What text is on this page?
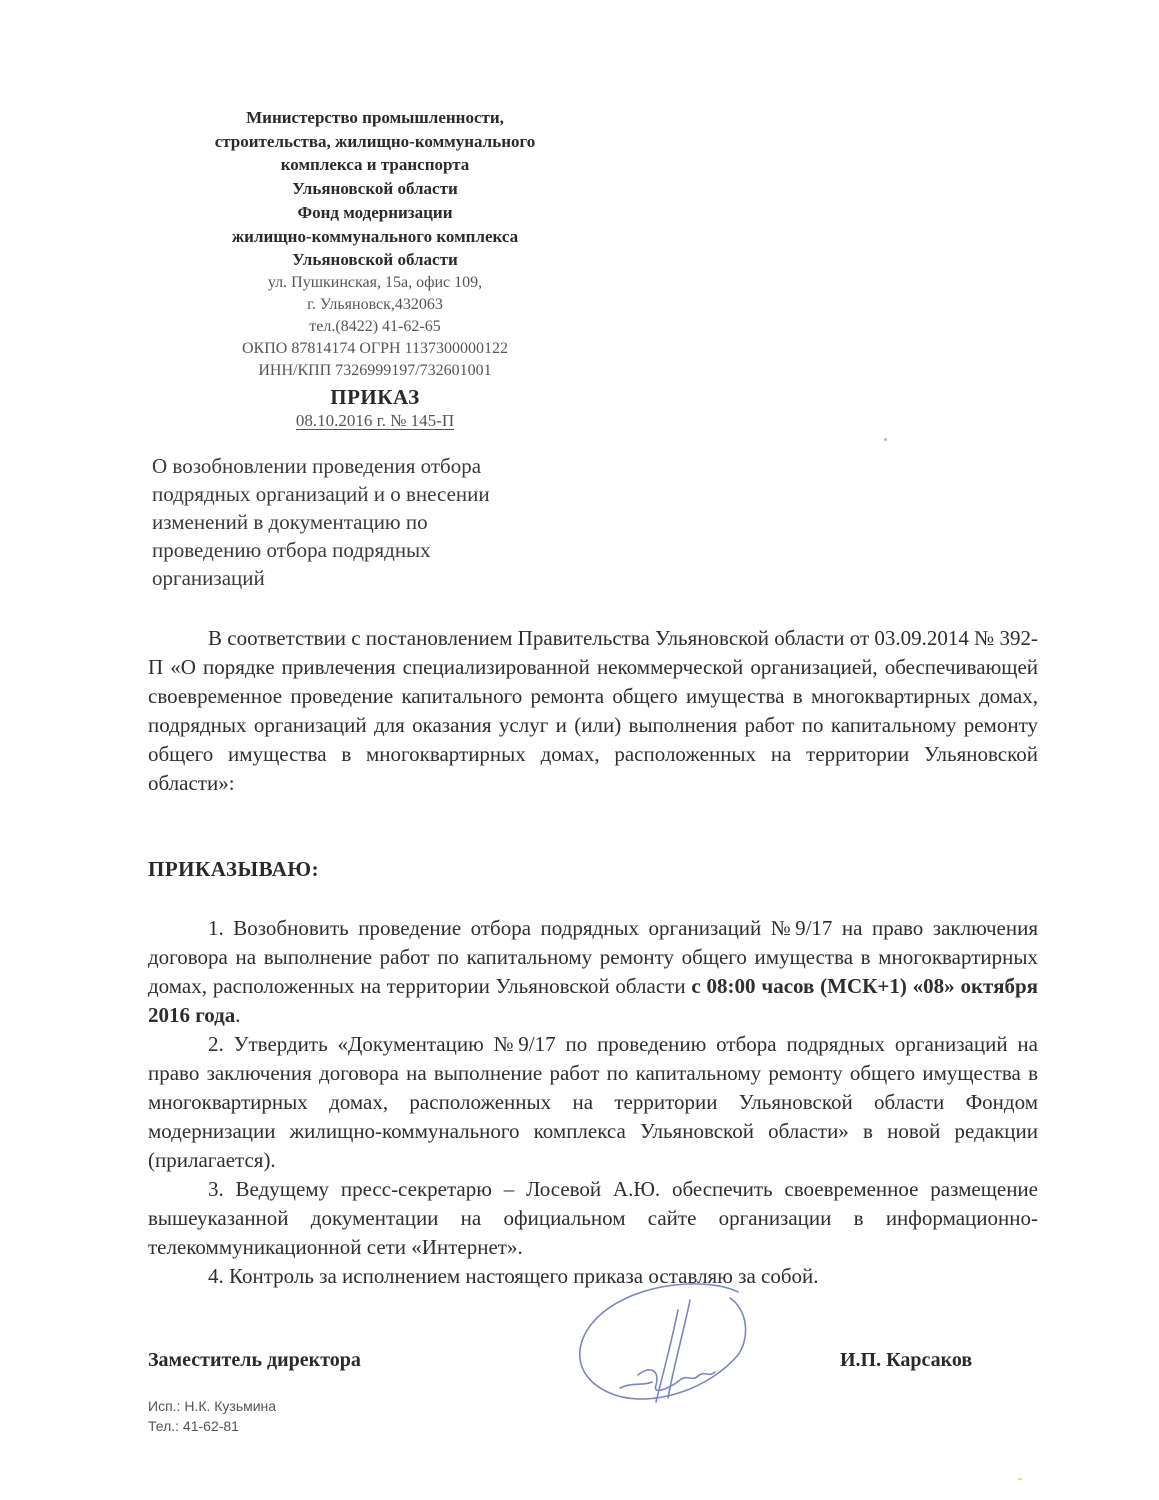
Министерство промышленности,
строительства, жилищно-коммунального
комплекса и транспорта
Ульяновской области
Фонд модернизации
жилищно-коммунального комплекса
Ульяновской области
ул. Пушкинская, 15а, офис 109,
г. Ульяновск,432063
тел.(8422) 41-62-65
ОКПО 87814174 ОГРН 1137300000122
ИНН/КПП 7326999197/732601001
ПРИКАЗ
08.10.2016 г. № 145-П
О возобновлении проведения отбора
подрядных организаций и о внесении
изменений в документацию по
проведению отбора подрядных
организаций

В соответствии с постановлением Правительства Ульяновской области от 03.09.2014 № 392-П «О порядке привлечения специализированной некоммерческой организацией, обеспечивающей своевременное проведение капитального ремонта общего имущества в многоквартирных домах, подрядных организаций для оказания услуг и (или) выполнения работ по капитальному ремонту общего имущества в многоквартирных домах, расположенных на территории Ульяновской области»:

ПРИКАЗЫВАЮ:

1. Возобновить проведение отбора подрядных организаций №9/17 на право заключения договора на выполнение работ по капитальному ремонту общего имущества в многоквартирных домах, расположенных на территории Ульяновской области с 08:00 часов (МСК+1) «08» октября 2016 года.

2. Утвердить «Документацию №9/17 по проведению отбора подрядных организаций на право заключения договора на выполнение работ по капитальному ремонту общего имущества в многоквартирных домах, расположенных на территории Ульяновской области Фондом модернизации жилищно-коммунального комплекса Ульяновской области» в новой редакции (прилагается).

3. Ведущему пресс-секретарю – Лосевой А.Ю. обеспечить своевременное размещение вышеуказанной документации на официальном сайте организации в информационно-телекоммуникационной сети «Интернет».

4. Контроль за исполнением настоящего приказа оставляю за собой.

Заместитель директора	И.П. Карсаков
Исп.: Н.К. Кузьмина
Тел.: 41-62-81
